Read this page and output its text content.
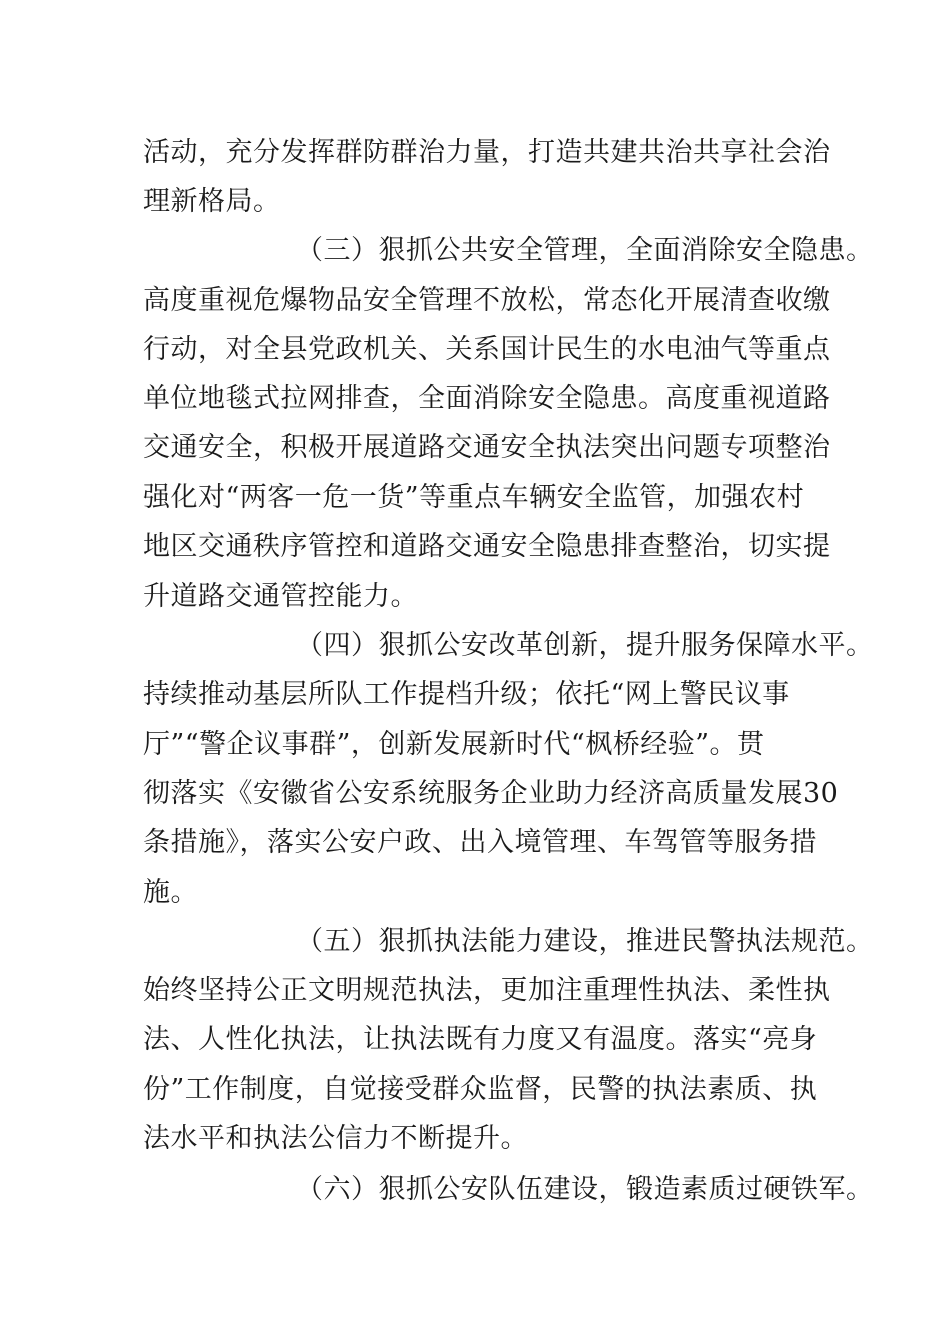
活动，充分发挥群防群治力量，打造共建共治共享社会治
理新格局。
（三）狠抓公共安全管理，全面消除安全隐患。
高度重视危爆物品安全管理不放松，常态化开展清查收缴
行动，对全县党政机关、关系国计民生的水电油气等重点
单位地毯式拉网排查，全面消除安全隐患。高度重视道路
交通安全，积极开展道路交通安全执法突出问题专项整治
强化对“两客一危一货”等重点车辆安全监管，加强农村
地区交通秩序管控和道路交通安全隐患排查整治，切实提
升道路交通管控能力。
（四）狠抓公安改革创新，提升服务保障水平。
持续推动基层所队工作提档升级；依托“网上警民议事
厅”“警企议事群”，创新发展新时代“枫桥经验”。贯
彻落实《安徽省公安系统服务企业助力经济高质量发展30
条措施》，落实公安户政、出入境管理、车驾管等服务措
施。
（五）狠抓执法能力建设，推进民警执法规范。
始终坚持公正文明规范执法，更加注重理性执法、柔性执
法、人性化执法，让执法既有力度又有温度。落实“亮身
份”工作制度，自觉接受群众监督，民警的执法素质、执
法水平和执法公信力不断提升。
（六）狠抓公安队伍建设，锻造素质过硬铁军。
